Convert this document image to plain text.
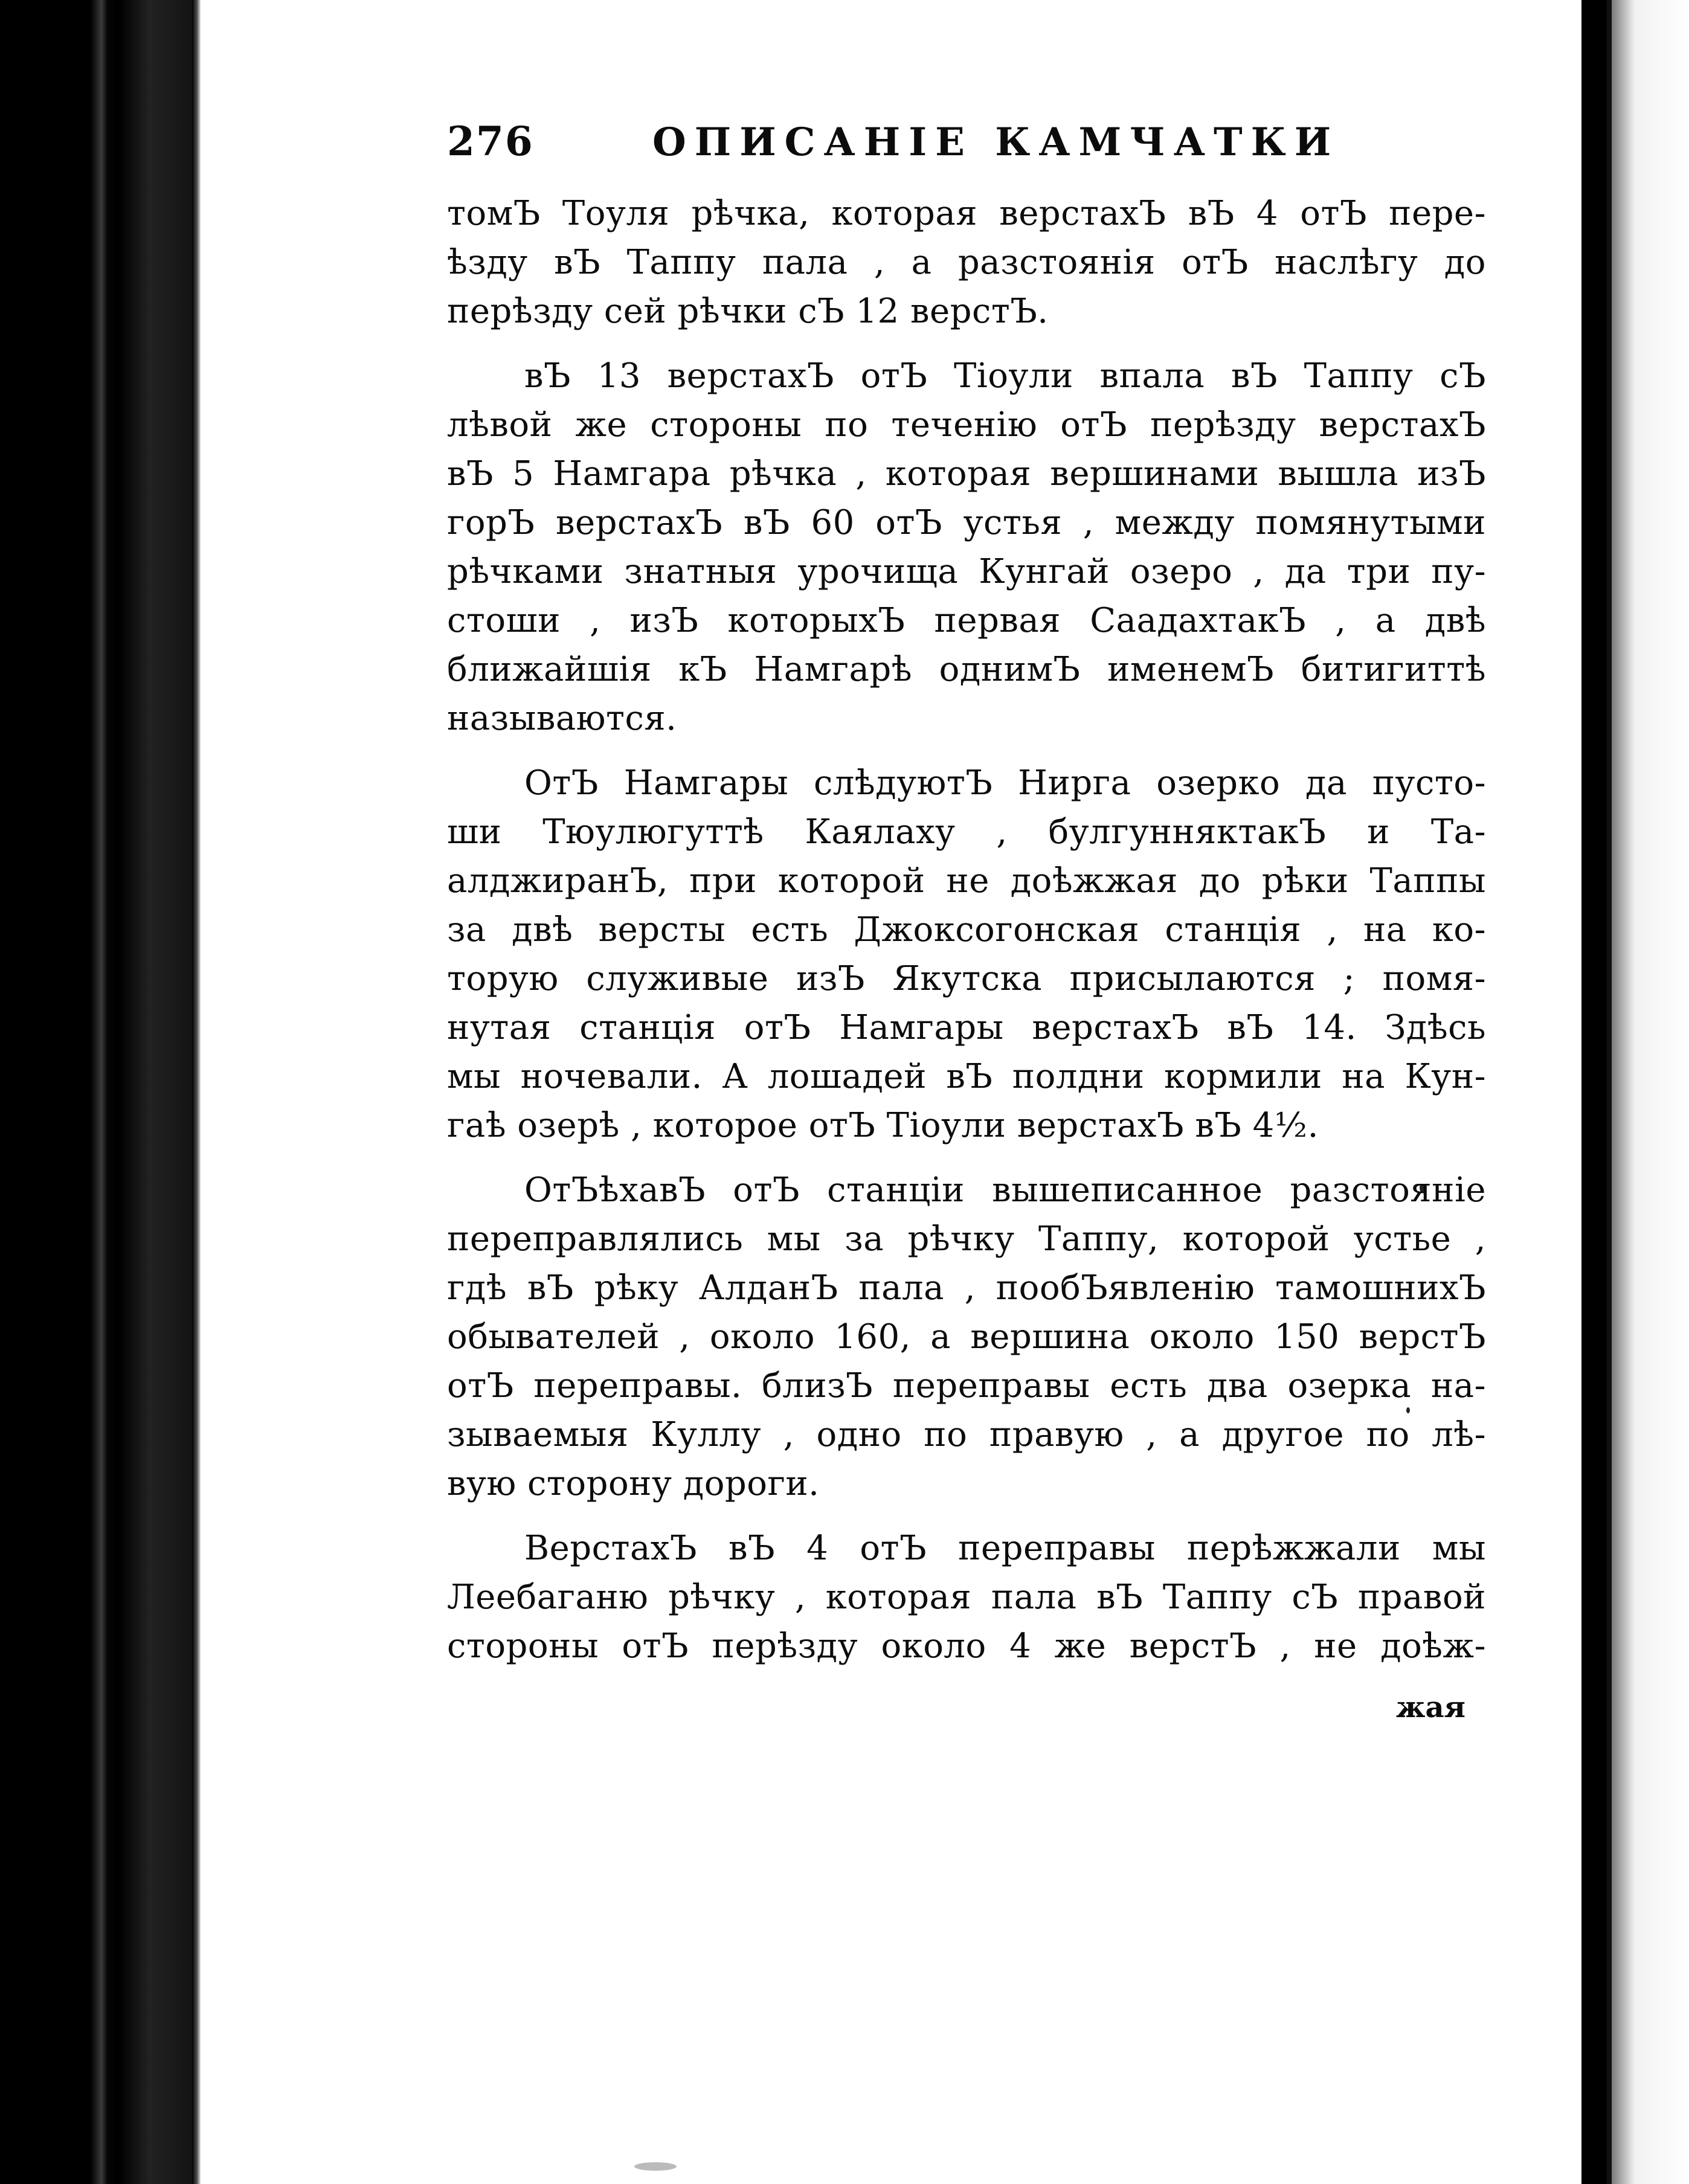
276	ОПИСАНІЕ КАМЧАТКИ
томЪ Тоуля рѣчка, которая верстахЪ вЪ 4 отЪ пере-
ѣзду вЪ Таппу пала , а разстоянія отЪ наслѣгу до
перѣзду сей рѣчки сЪ 12 верстЪ.
вЪ 13 верстахЪ отЪ Тіоули впала вЪ Таппу сЪ
лѣвой же стороны по теченію отЪ перѣзду верстахЪ
вЪ 5 Намгара рѣчка , которая вершинами вышла изЪ
горЪ верстахЪ вЪ 60 отЪ устья , между помянутыми
рѣчками знатныя урочища Кунгай озеро , да три пу-
стоши , изЪ которыхЪ первая СаадахтакЪ , а двѣ
ближайшія кЪ Намгарѣ однимЪ именемЪ битигиттѣ
называются.
ОтЪ Намгары слѣдуютЪ Нирга озерко да пусто-
ши Тюулюгуттѣ Каялаху , булгунняктакЪ и Та-
алджиранЪ, при которой не доѣжжая до рѣки Таппы
за двѣ версты есть Джоксогонская станція , на ко-
торую служивые изЪ Якутска присылаются ; помя-
нутая станція отЪ Намгары верстахЪ вЪ 14. Здѣсь
мы ночевали. А лошадей вЪ полдни кормили на Кун-
гаѣ озерѣ , которое отЪ Тіоули верстахЪ вЪ 4½.
ОтЪѣхавЪ отЪ станціи вышеписанное разстояніе
переправлялись мы за рѣчку Таппу, которой устье ,
гдѣ вЪ рѣку АлданЪ пала , пообЪявленію тамошнихЪ
обывателей , около 160, а вершина около 150 верстЪ
отЪ переправы. близЪ переправы есть два озерка на-
зываемыя Куллу , одно по правую , а другое по лѣ-
вую сторону дороги.
ВерстахЪ вЪ 4 отЪ переправы перѣжжали мы
Леебаганю рѣчку , которая пала вЪ Таппу сЪ правой
стороны отЪ перѣзду около 4 же верстЪ , не доѣж-
жая
